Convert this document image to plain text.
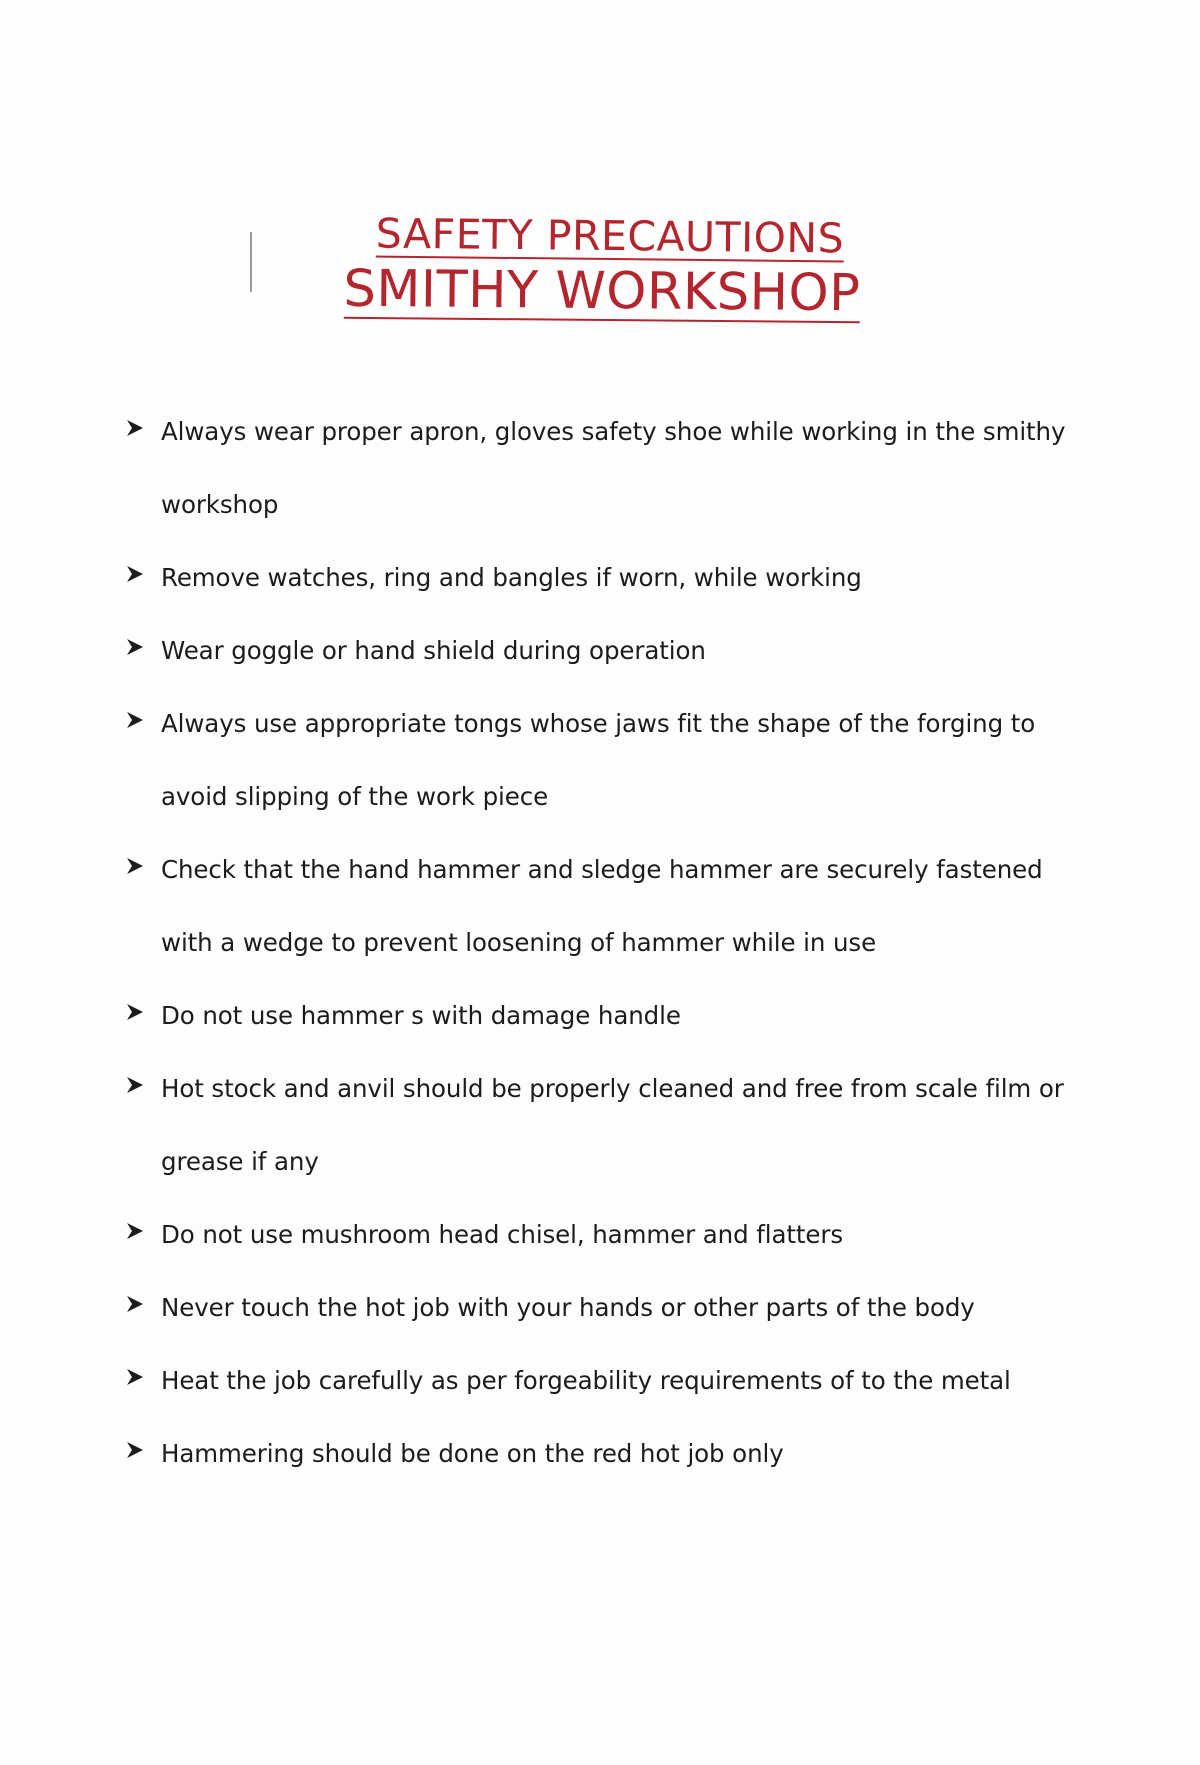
SAFETY PRECAUTIONS
SMITHY WORKSHOP
Always wear proper apron, gloves safety shoe while working in the smithy workshop
Remove watches, ring and bangles if worn, while working
Wear goggle or hand shield during operation
Always use appropriate tongs whose jaws fit the shape of the forging to avoid slipping of the work piece
Check that the hand hammer and sledge hammer are securely fastened with a wedge to prevent loosening of hammer while in use
Do not use hammer s with damage handle
Hot stock and anvil should be properly cleaned and free from scale film or grease if any
Do not use mushroom head chisel, hammer and flatters
Never touch the hot job with your hands or other parts of the body
Heat the job carefully as per forgeability requirements of to the metal
Hammering should be done on the red hot job only
